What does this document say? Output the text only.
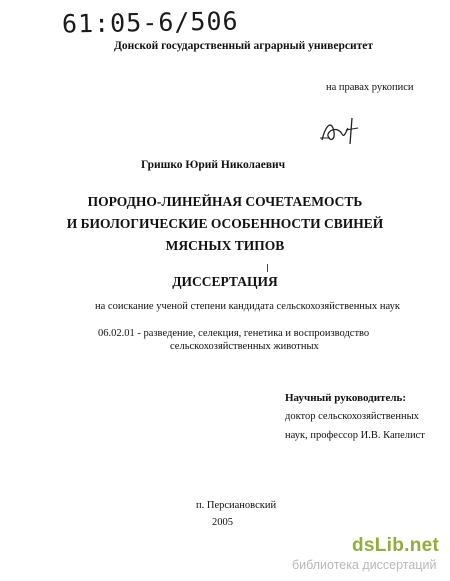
61:05-6/506
Донской государственный аграрный университет
на правах рукописи
Гришко Юрий Николаевич
ПОРОДНО-ЛИНЕЙНАЯ СОЧЕТАЕМОСТЬ
И БИОЛОГИЧЕСКИЕ ОСОБЕННОСТИ СВИНЕЙ
МЯСНЫХ ТИПОВ
ДИССЕРТАЦИЯ
на соискание ученой степени кандидата сельскохозяйственных наук
06.02.01 - разведение, селекция, генетика и воспроизводство
сельскохозяйственных животных
Научный руководитель:
доктор сельскохозяйственных
наук, профессор И.В. Капелист
п. Персиановский
2005
dsLib.net
библиотека диссертаций
